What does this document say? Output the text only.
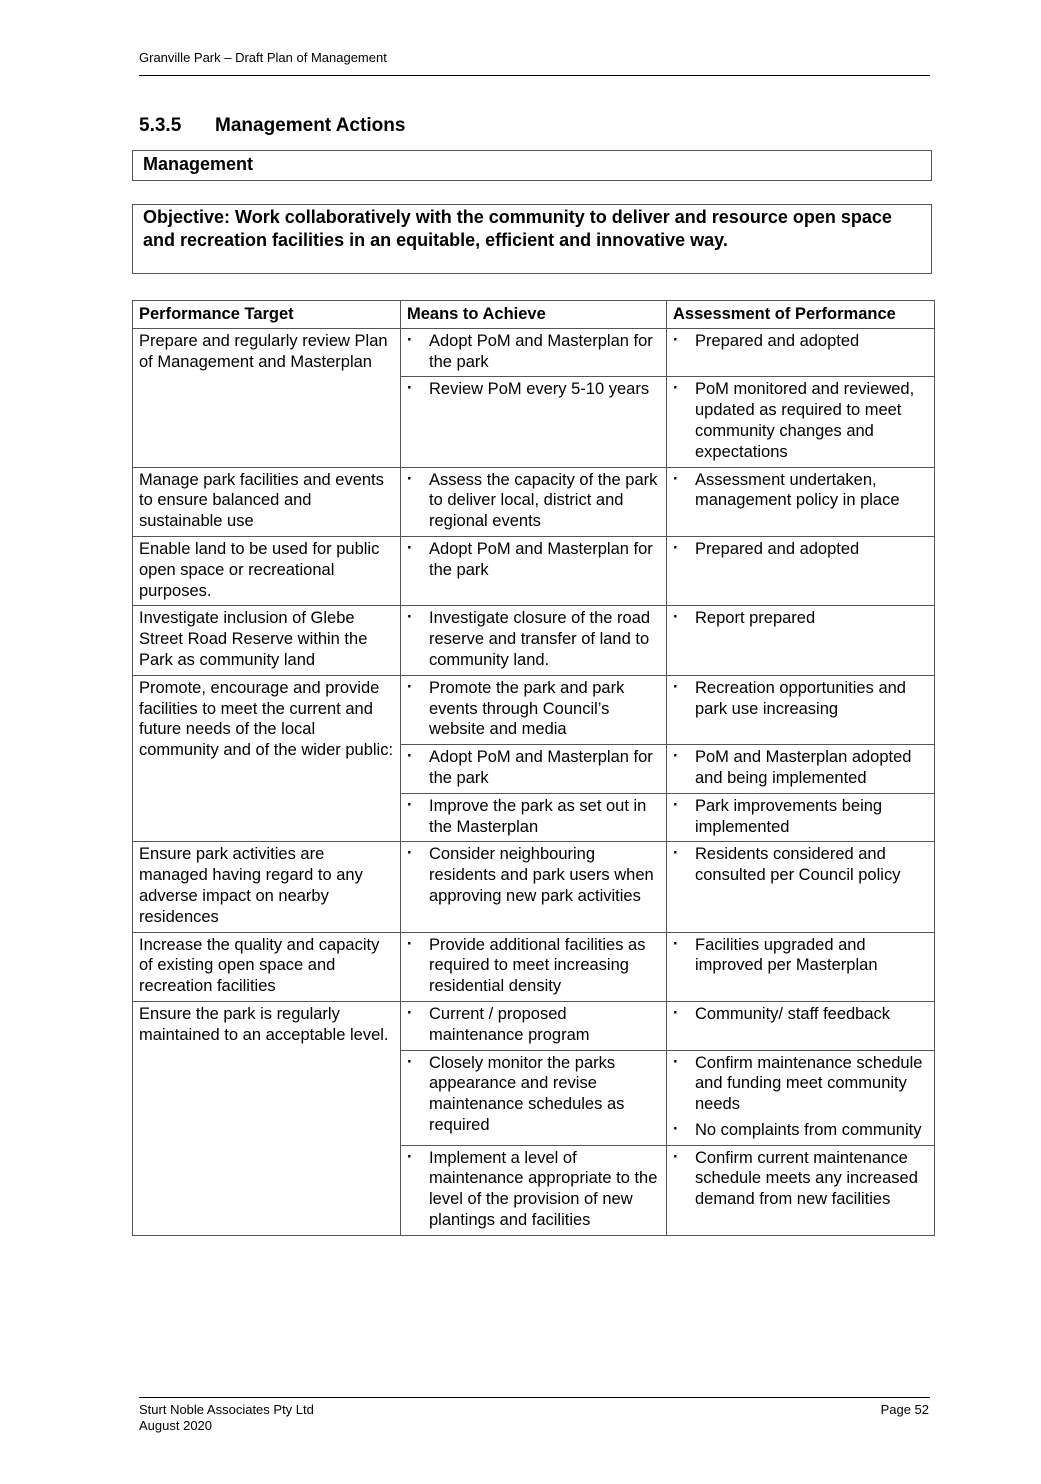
Granville Park – Draft Plan of Management
5.3.5 Management Actions
Management
Objective: Work collaboratively with the community to deliver and resource open space and recreation facilities in an equitable, efficient and innovative way.
Performance Target	Means to Achieve	Assessment of Performance
Prepare and regularly review Plan of Management and Masterplan	· Adopt PoM and Masterplan for the park	· Prepared and adopted

	· Review PoM every 5-10 years	· PoM monitored and reviewed, updated as required to meet community changes and expectations

Manage park facilities and events to ensure balanced and sustainable use	· Assess the capacity of the park to deliver local, district and regional events	· Assessment undertaken, management policy in place

Enable land to be used for public open space or recreational purposes.	· Adopt PoM and Masterplan for the park	· Prepared and adopted

Investigate inclusion of Glebe Street Road Reserve within the Park as community land	· Investigate closure of the road reserve and transfer of land to community land.	· Report prepared

Promote, encourage and provide facilities to meet the current and future needs of the local community and of the wider public:	· Promote the park and park events through Council’s website and media	· Recreation opportunities and park use increasing

	· Adopt PoM and Masterplan for the park	· PoM and Masterplan adopted and being implemented

	· Improve the park as set out in the Masterplan	· Park improvements being implemented

Ensure park activities are managed having regard to any adverse impact on nearby residences	· Consider neighbouring residents and park users when approving new park activities	· Residents considered and consulted per Council policy

Increase the quality and capacity of existing open space and recreation facilities	· Provide additional facilities as required to meet increasing residential density	· Facilities upgraded and improved per Masterplan

Ensure the park is regularly maintained to an acceptable level.	· Current / proposed maintenance program	· Community/ staff feedback

	· Closely monitor the parks appearance and revise maintenance schedules as required	· Confirm maintenance schedule and funding meet community needs
· No complaints from community

	· Implement a level of maintenance appropriate to the level of the provision of new plantings and facilities	· Confirm current maintenance schedule meets any increased demand from new facilities
Sturt Noble Associates Pty Ltd
August 2020
Page 52
